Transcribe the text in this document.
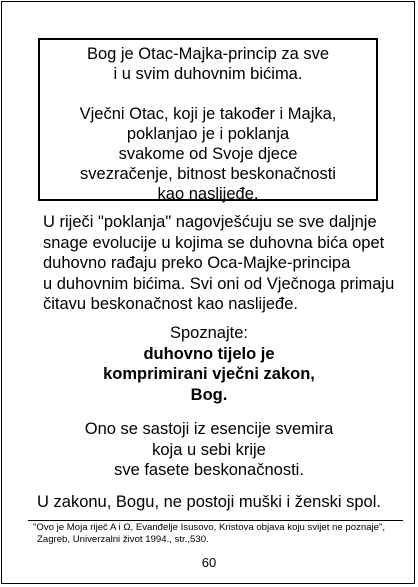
Bog je Otac-Majka-princip za sve

i u svim duhovnim bićima.

Vječni Otac, koji je također i Majka,

poklanjao je i poklanja

svakome od Svoje djece

svezračenje, bitnost beskonačnosti

kao naslijeđe.

U riječi "poklanja" nagovješćuju se sve daljnje

snage evolucije u kojima se duhovna bića opet

duhovno rađaju preko Oca-Majke-principa

u duhovnim bićima. Svi oni od Vječnoga primaju

čitavu beskonačnost kao naslijeđe.

Spoznajte:

duhovno tijelo je

komprimirani vječni zakon,

Bog.

Ono se sastoji iz esencije svemira

koja u sebi krije

sve fasete beskonačnosti.

U zakonu, Bogu, ne postoji muški i ženski spol.

"Ovo je Moja riječ A i Ω, Evanđelje Isusovo, Kristova objava koju svijet ne poznaje",

Zagreb, Univerzalni život 1994., str.,530.

60
